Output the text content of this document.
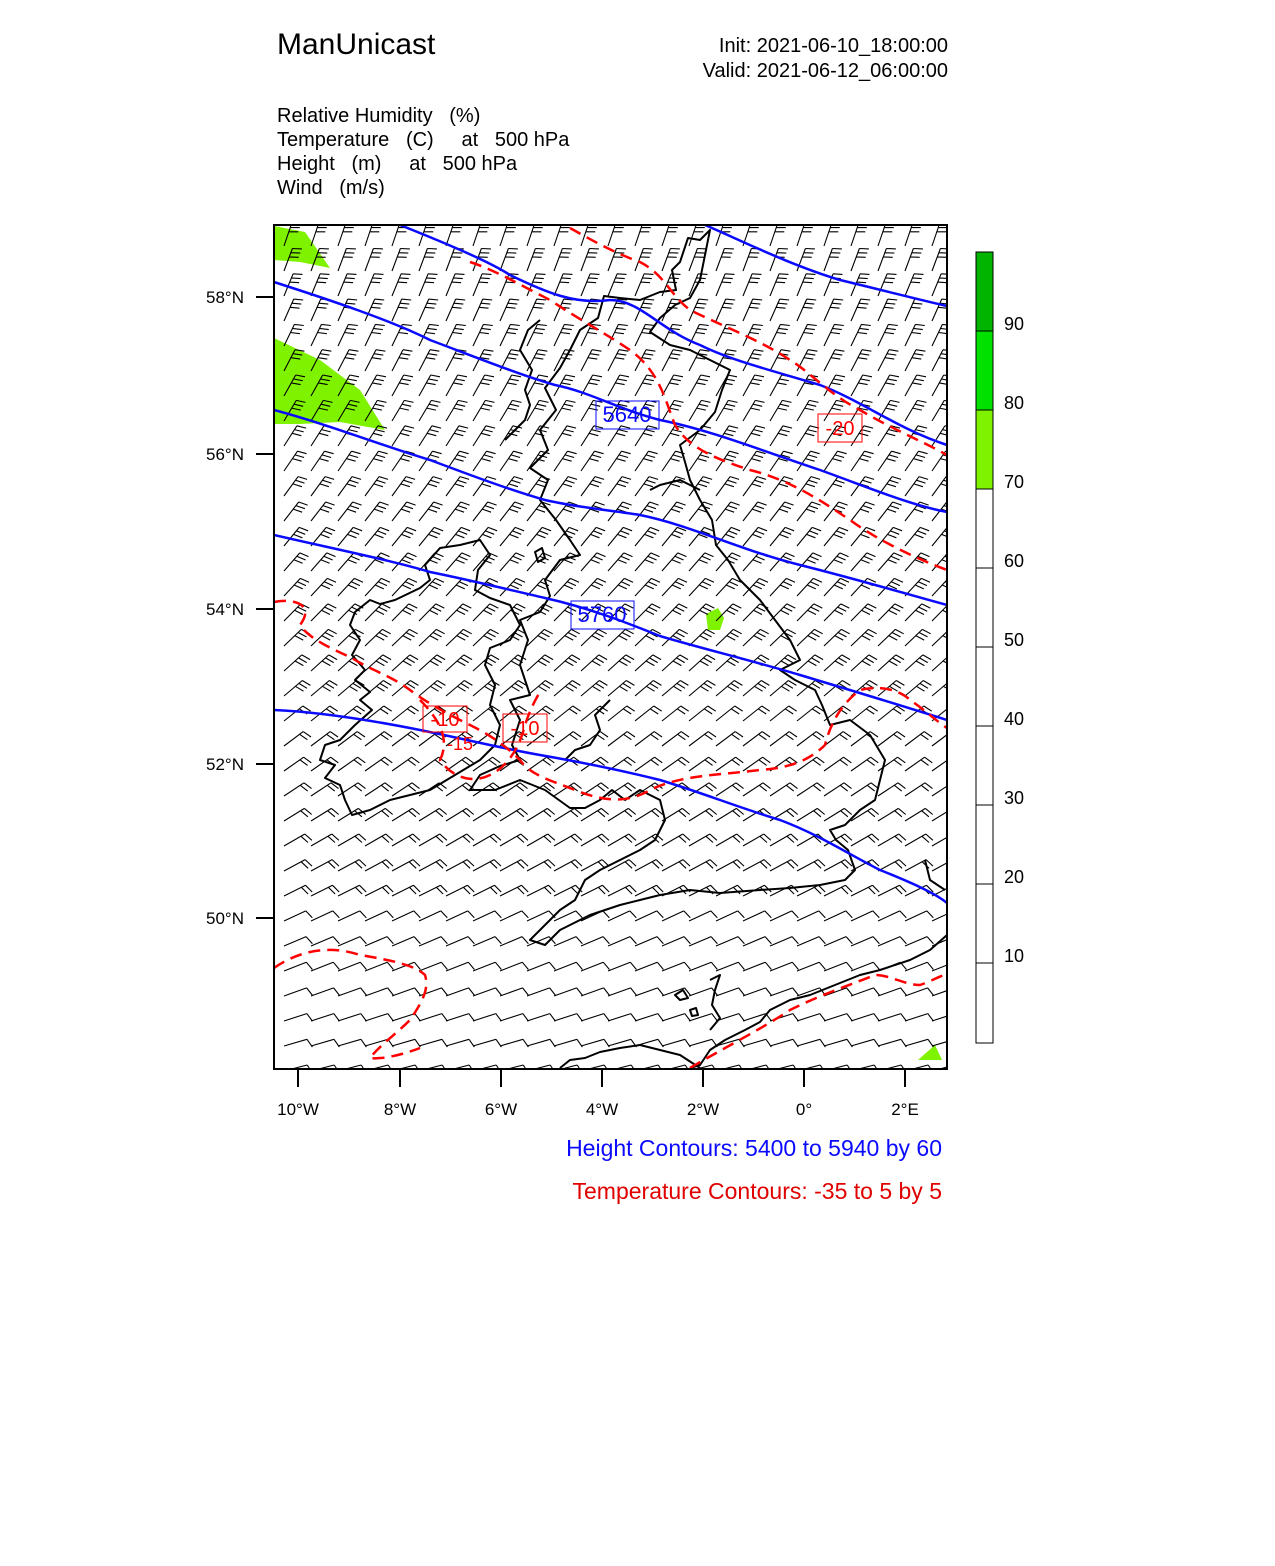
ManUnicast	Init: 2021-06-10_18:00:00
Valid: 2021-06-12_06:00:00
Relative Humidity   (%)
Temperature   (C)     at   500 hPa
Height   (m)     at   500 hPa
Wind   (m/s)
5640
5760
-20
-10	-10
-15
58°N
56°N
54°N
52°N
50°N
10°W	8°W	6°W	4°W	2°W	0°	2°E
90
80
70
60
50
40
30
20
10
Height Contours: 5400 to 5940 by 60
Temperature Contours: -35 to 5 by 5
